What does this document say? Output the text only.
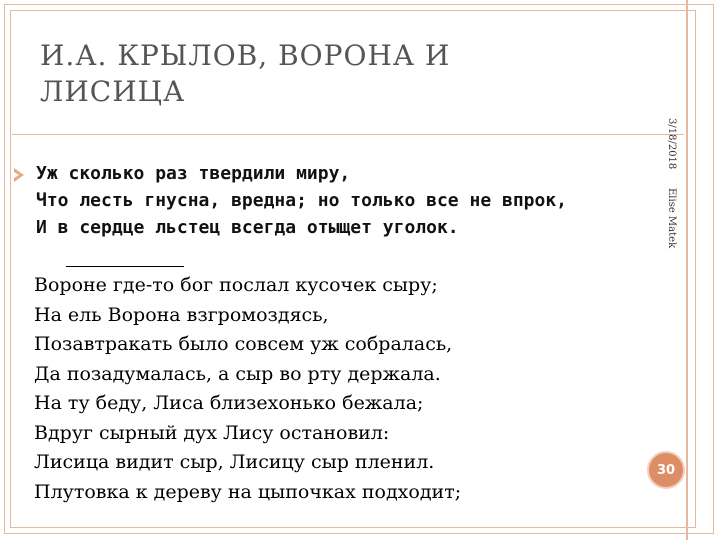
И.А. КРЫЛОВ, ВОРОНА И ЛИСИЦА
3/18/2018
Elise Matek
Уж сколько раз твердили миру,
Что лесть гнусна, вредна; но только все не впрок,
И в сердце льстец всегда отыщет уголок.
Вороне где-то бог послал кусочек сыру;
На ель Ворона взгромоздясь,
Позавтракать было совсем уж собралась,
Да позадумалась, а сыр во рту держала.
На ту беду, Лиса близехонько бежала;
Вдруг сырный дух Лису остановил:
Лисица видит сыр, Лисицу сыр пленил.
Плутовка к дереву на цыпочках подходит;
30
